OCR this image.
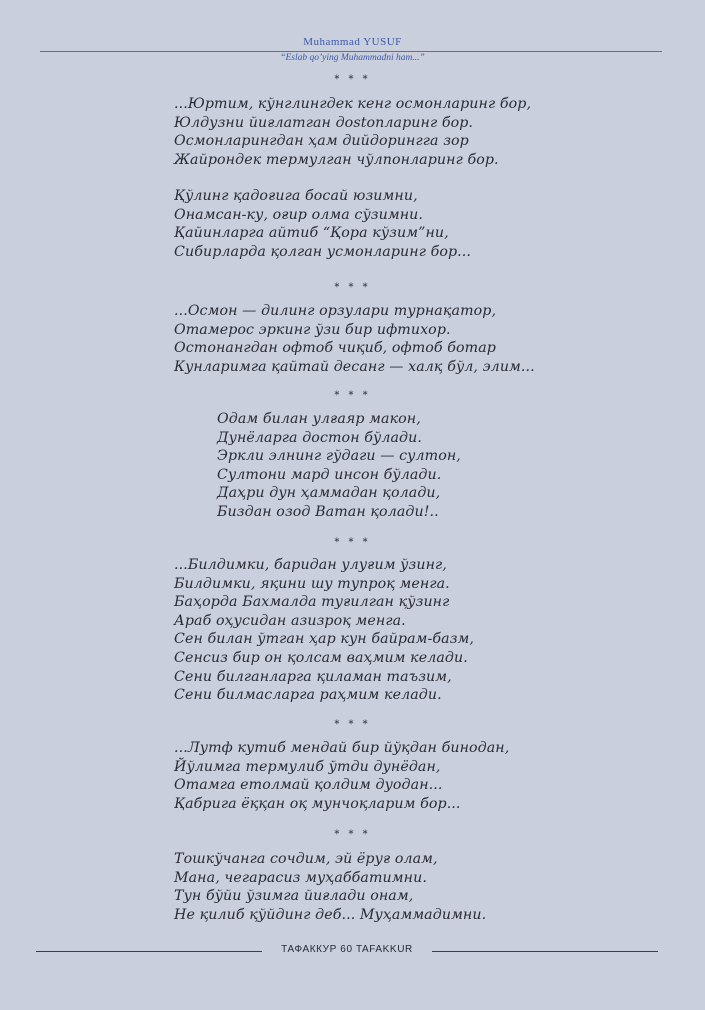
Muhammad YUSUF
“Eslab qo’ying Muhammadni ham...”
* * *
...Юртим, кўнглингдек кенг осмонларинг бор,
Юлдузни йиғлатган дostonларинг бор.
Осмонларингдан ҳам дийдорингга зор
Жайрондек термулган чўлпонларинг бор.
Қўлинг қадоғига босай юзимни,
Онамсан-ку, оғир олма сўзимни.
Қайинларга айтиб “Қора кўзим”ни,
Сибирларда қолган усмонларинг бор...
* * *
...Осмон — дилинг орзулари турнақатор,
Отамерос эркинг ўзи бир ифтихор.
Остонангдан офтоб чиқиб, офтоб ботар
Кунларимга қайтай десанг — халқ бўл, элим...
* * *
Одам билан улғаяр макон,
Дунёларга достон бўлади.
Эркли элнинг гўдаги — султон,
Султони мард инсон бўлади.
Даҳри дун ҳаммадан қолади,
Биздан озод Ватан қолади!..
* * *
...Билдимки, баридан улуғим ўзинг,
Билдимки, яқини шу тупроқ менга.
Баҳорда Бахмалда туғилган қўзинг
Араб оҳусидан азизроқ менга.
Сен билан ўтган ҳар кун байрам-базм,
Сенсиз бир он қолсам ваҳмим келади.
Сени билганларга қиламан таъзим,
Сени билмасларга раҳмим келади.
* * *
...Лутф кутиб мендай бир йўқдан бинодан,
Йўлимга термулиб ўтди дунёдан,
Отамга етолмай қолдим дуодан...
Қабрига ёққан оқ мунчоқларим бор...
* * *
Тошкўчанга сочдим, эй ёруғ олам,
Мана, чегарасиз муҳаббатимни.
Тун бўйи ўзимга йиғлади онам,
Не қилиб қўйдинг деб... Муҳаммадимни.
ТАФАККУР 60 TAFAKKUR
